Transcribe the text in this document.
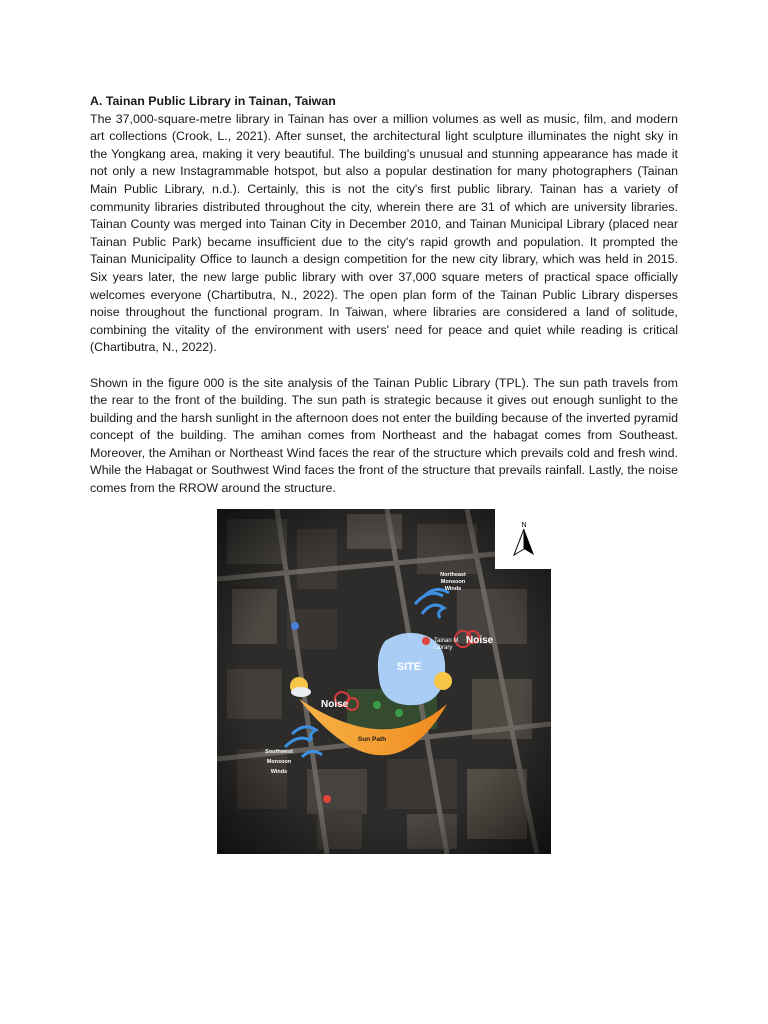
A. Tainan Public Library in Tainan, Taiwan

The 37,000-square-metre library in Tainan has over a million volumes as well as music, film, and modern art collections (Crook, L., 2021). After sunset, the architectural light sculpture illuminates the night sky in the Yongkang area, making it very beautiful. The building's unusual and stunning appearance has made it not only a new Instagrammable hotspot, but also a popular destination for many photographers (Tainan Main Public Library, n.d.). Certainly, this is not the city's first public library. Tainan has a variety of community libraries distributed throughout the city, wherein there are 31 of which are university libraries. Tainan County was merged into Tainan City in December 2010, and Tainan Municipal Library (placed near Tainan Public Park) became insufficient due to the city's rapid growth and population. It prompted the Tainan Municipality Office to launch a design competition for the new city library, which was held in 2015. Six years later, the new large public library with over 37,000 square meters of practical space officially welcomes everyone (Chartibutra, N., 2022). The open plan form of the Tainan Public Library disperses noise throughout the functional program. In Taiwan, where libraries are considered a land of solitude, combining the vitality of the environment with users' need for peace and quiet while reading is critical (Chartibutra, N., 2022).

Shown in the figure 000 is the site analysis of the Tainan Public Library (TPL). The sun path travels from the rear to the front of the building. The sun path is strategic because it gives out enough sunlight to the building and the harsh sunlight in the afternoon does not enter the building because of the inverted pyramid concept of the building. The amihan comes from Northeast and the habagat comes from Southeast. Moreover, the Amihan or Northeast Wind faces the rear of the structure which prevails cold and fresh wind. While the Habagat or Southwest Wind faces the front of the structure that prevails rainfall. Lastly, the noise comes from the RROW around the structure.

N
SITE
Noise
Noise
Sun Path
Tainan M
Library
Northeast
Monsoon
Winds
Southwest
Monsoon
Winds
